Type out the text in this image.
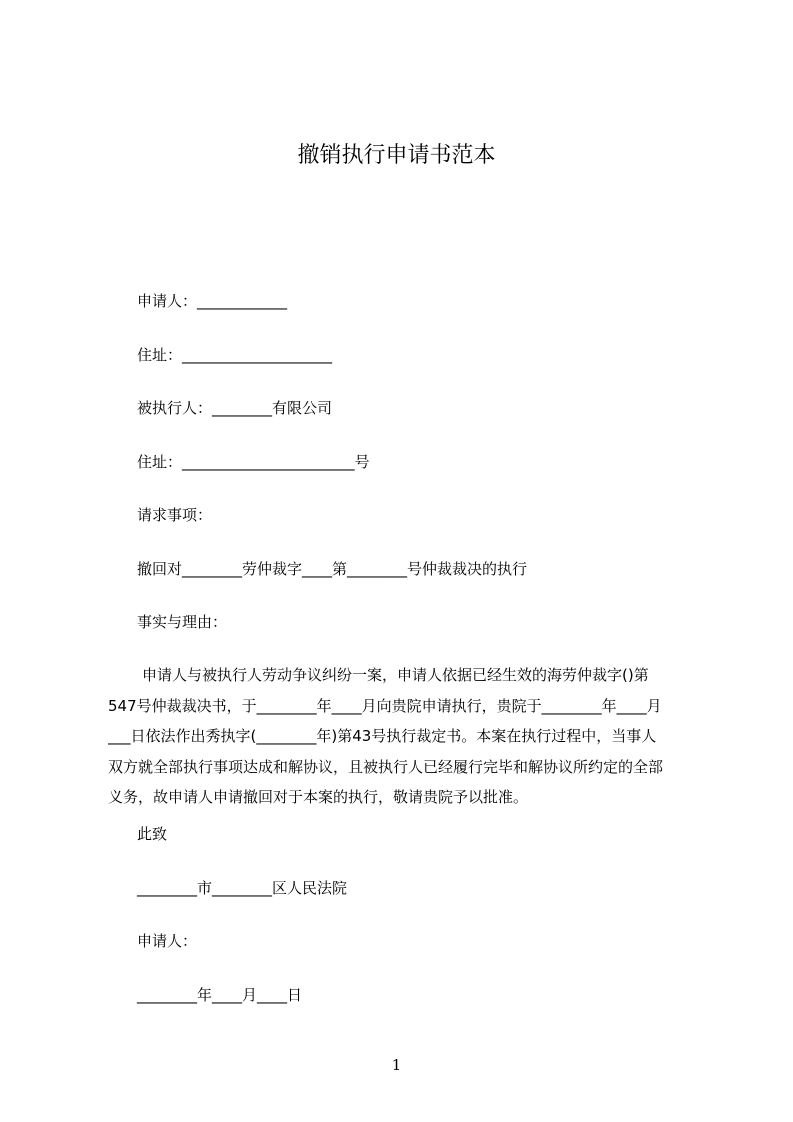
撤销执行申请书范本
申请人：____________
住址：____________________
被执行人：________有限公司
住址：_______________________号
请求事项：
撤回对________劳仲裁字____第________号仲裁裁决的执行
事实与理由：
申请人与被执行人劳动争议纠纷一案，申请人依据已经生效的海劳仲裁字()第
547号仲裁裁决书，于________年____月向贵院申请执行，贵院于________年____月
___日依法作出秀执字(________年)第43号执行裁定书。本案在执行过程中，当事人
双方就全部执行事项达成和解协议，且被执行人已经履行完毕和解协议所约定的全部
义务，故申请人申请撤回对于本案的执行，敬请贵院予以批准。
此致
________市________区人民法院
申请人：
________年____月____日
1
